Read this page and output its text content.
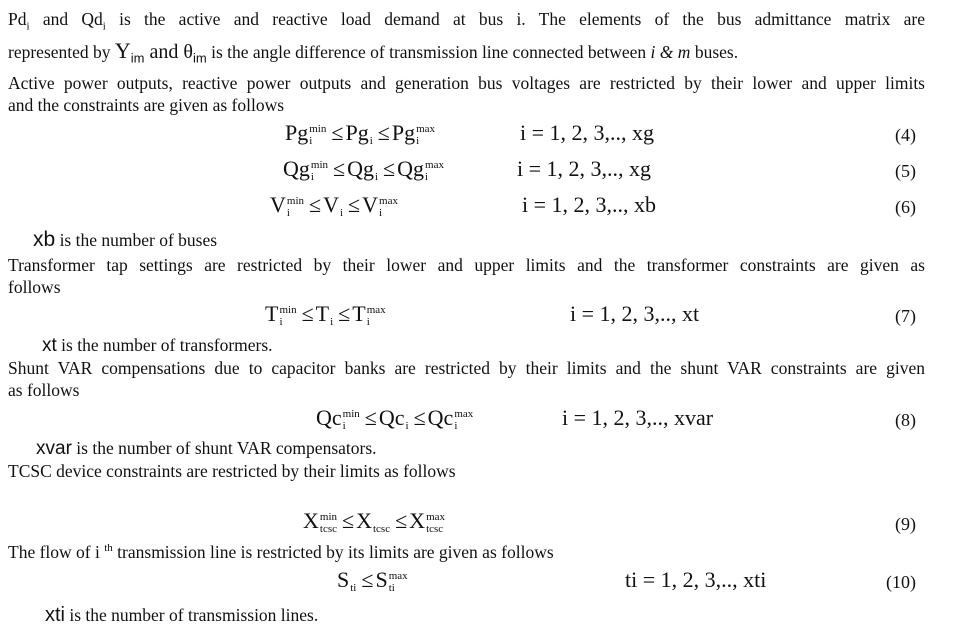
$Pd_i$ and $Qd_i$ is the active and reactive load demand at bus i. The elements of the bus admittance matrix are
represented by $Y_{im}$ and $\theta_{im}$ is the angle difference of transmission line connected between i & m buses.
Active power outputs, reactive power outputs and generation bus voltages are restricted by their lower and upper limits
and the constraints are given as follows
Pg min
i ≤Pg
i ≤Pg max
i	i = 1, 2, 3,.., xg	(4)
Qg min
i ≤Qg
i ≤Qg max
i	i = 1, 2, 3,.., xg	(5)
V min
i ≤V
i ≤V max
i	i = 1, 2, 3,.., xb	(6)
xb is the number of buses
Transformer tap settings are restricted by their lower and upper limits and the transformer constraints are given as
follows
T min
i ≤T
i ≤T max
i	i = 1, 2, 3,.., xt	(7)
xt is the number of transformers.
Shunt VAR compensations due to capacitor banks are restricted by their limits and the shunt VAR constraints are given
as follows
Qc min
i ≤Qc
i ≤Qc max
i	i = 1, 2, 3,.., xvar	(8)
xvar is the number of shunt VAR compensators.
TCSC device constraints are restricted by their limits as follows
X min
tcsc ≤X
tcsc ≤X max
tcsc	(9)
The flow of i $^{th}$ transmission line is restricted by its limits are given as follows
S
ti ≤S max
ti	ti = 1, 2, 3,.., xti	(10)
xti is the number of transmission lines.
